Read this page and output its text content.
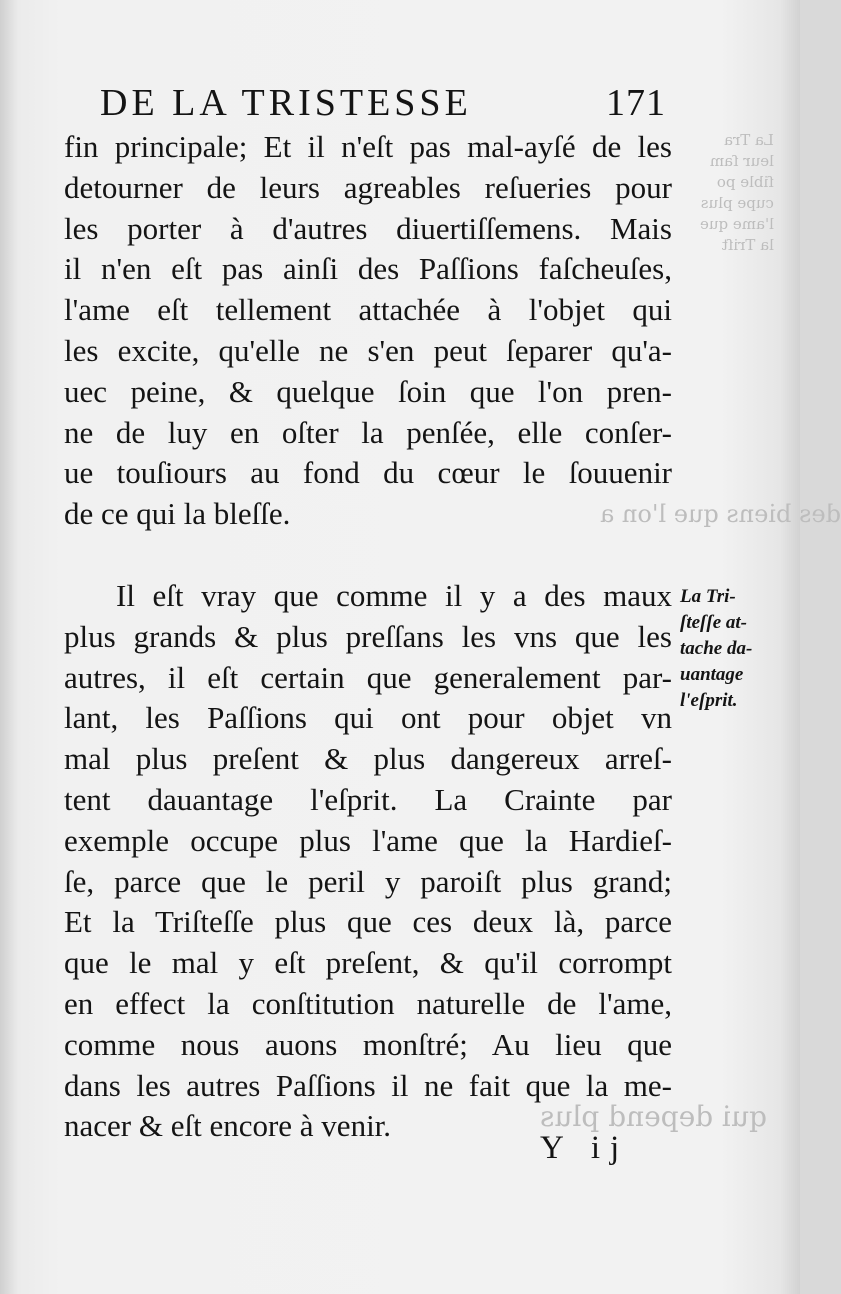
des biens que l'on a
qui depend plus
La Tra
leur ſam
ſible po
cupe plus
l'ame que
la Triſt
DE LA TRISTESSE	171
fin principale; Et il n'eſt pas mal-ayſé de les
detourner de leurs agreables reſueries pour
les porter à d'autres diuertiſſemens. Mais
il n'en eſt pas ainſi des Paſſions faſcheuſes,
l'ame eſt tellement attachée à l'objet qui
les excite, qu'elle ne s'en peut ſeparer qu'a-
uec peine, & quelque ſoin que l'on pren-
ne de luy en oſter la penſée, elle conſer-
ue touſiours au fond du cœur le ſouuenir
de ce qui la bleſſe.
Il eſt vray que comme il y a des maux
plus grands & plus preſſans les vns que les
autres, il eſt certain que generalement par-
lant, les Paſſions qui ont pour objet vn
mal plus preſent & plus dangereux arreſ-
tent dauantage l'eſprit. La Crainte par
exemple occupe plus l'ame que la Hardieſ-
ſe, parce que le peril y paroiſt plus grand;
Et la Triſteſſe plus que ces deux là, parce
que le mal y eſt preſent, & qu'il corrompt
en effect la conſtitution naturelle de l'ame,
comme nous auons monſtré; Au lieu que
dans les autres Paſſions il ne fait que la me-
nacer & eſt encore à venir.
La Tri-
ſteſſe at-
tache da-
uantage
l'eſprit.
Y ij
